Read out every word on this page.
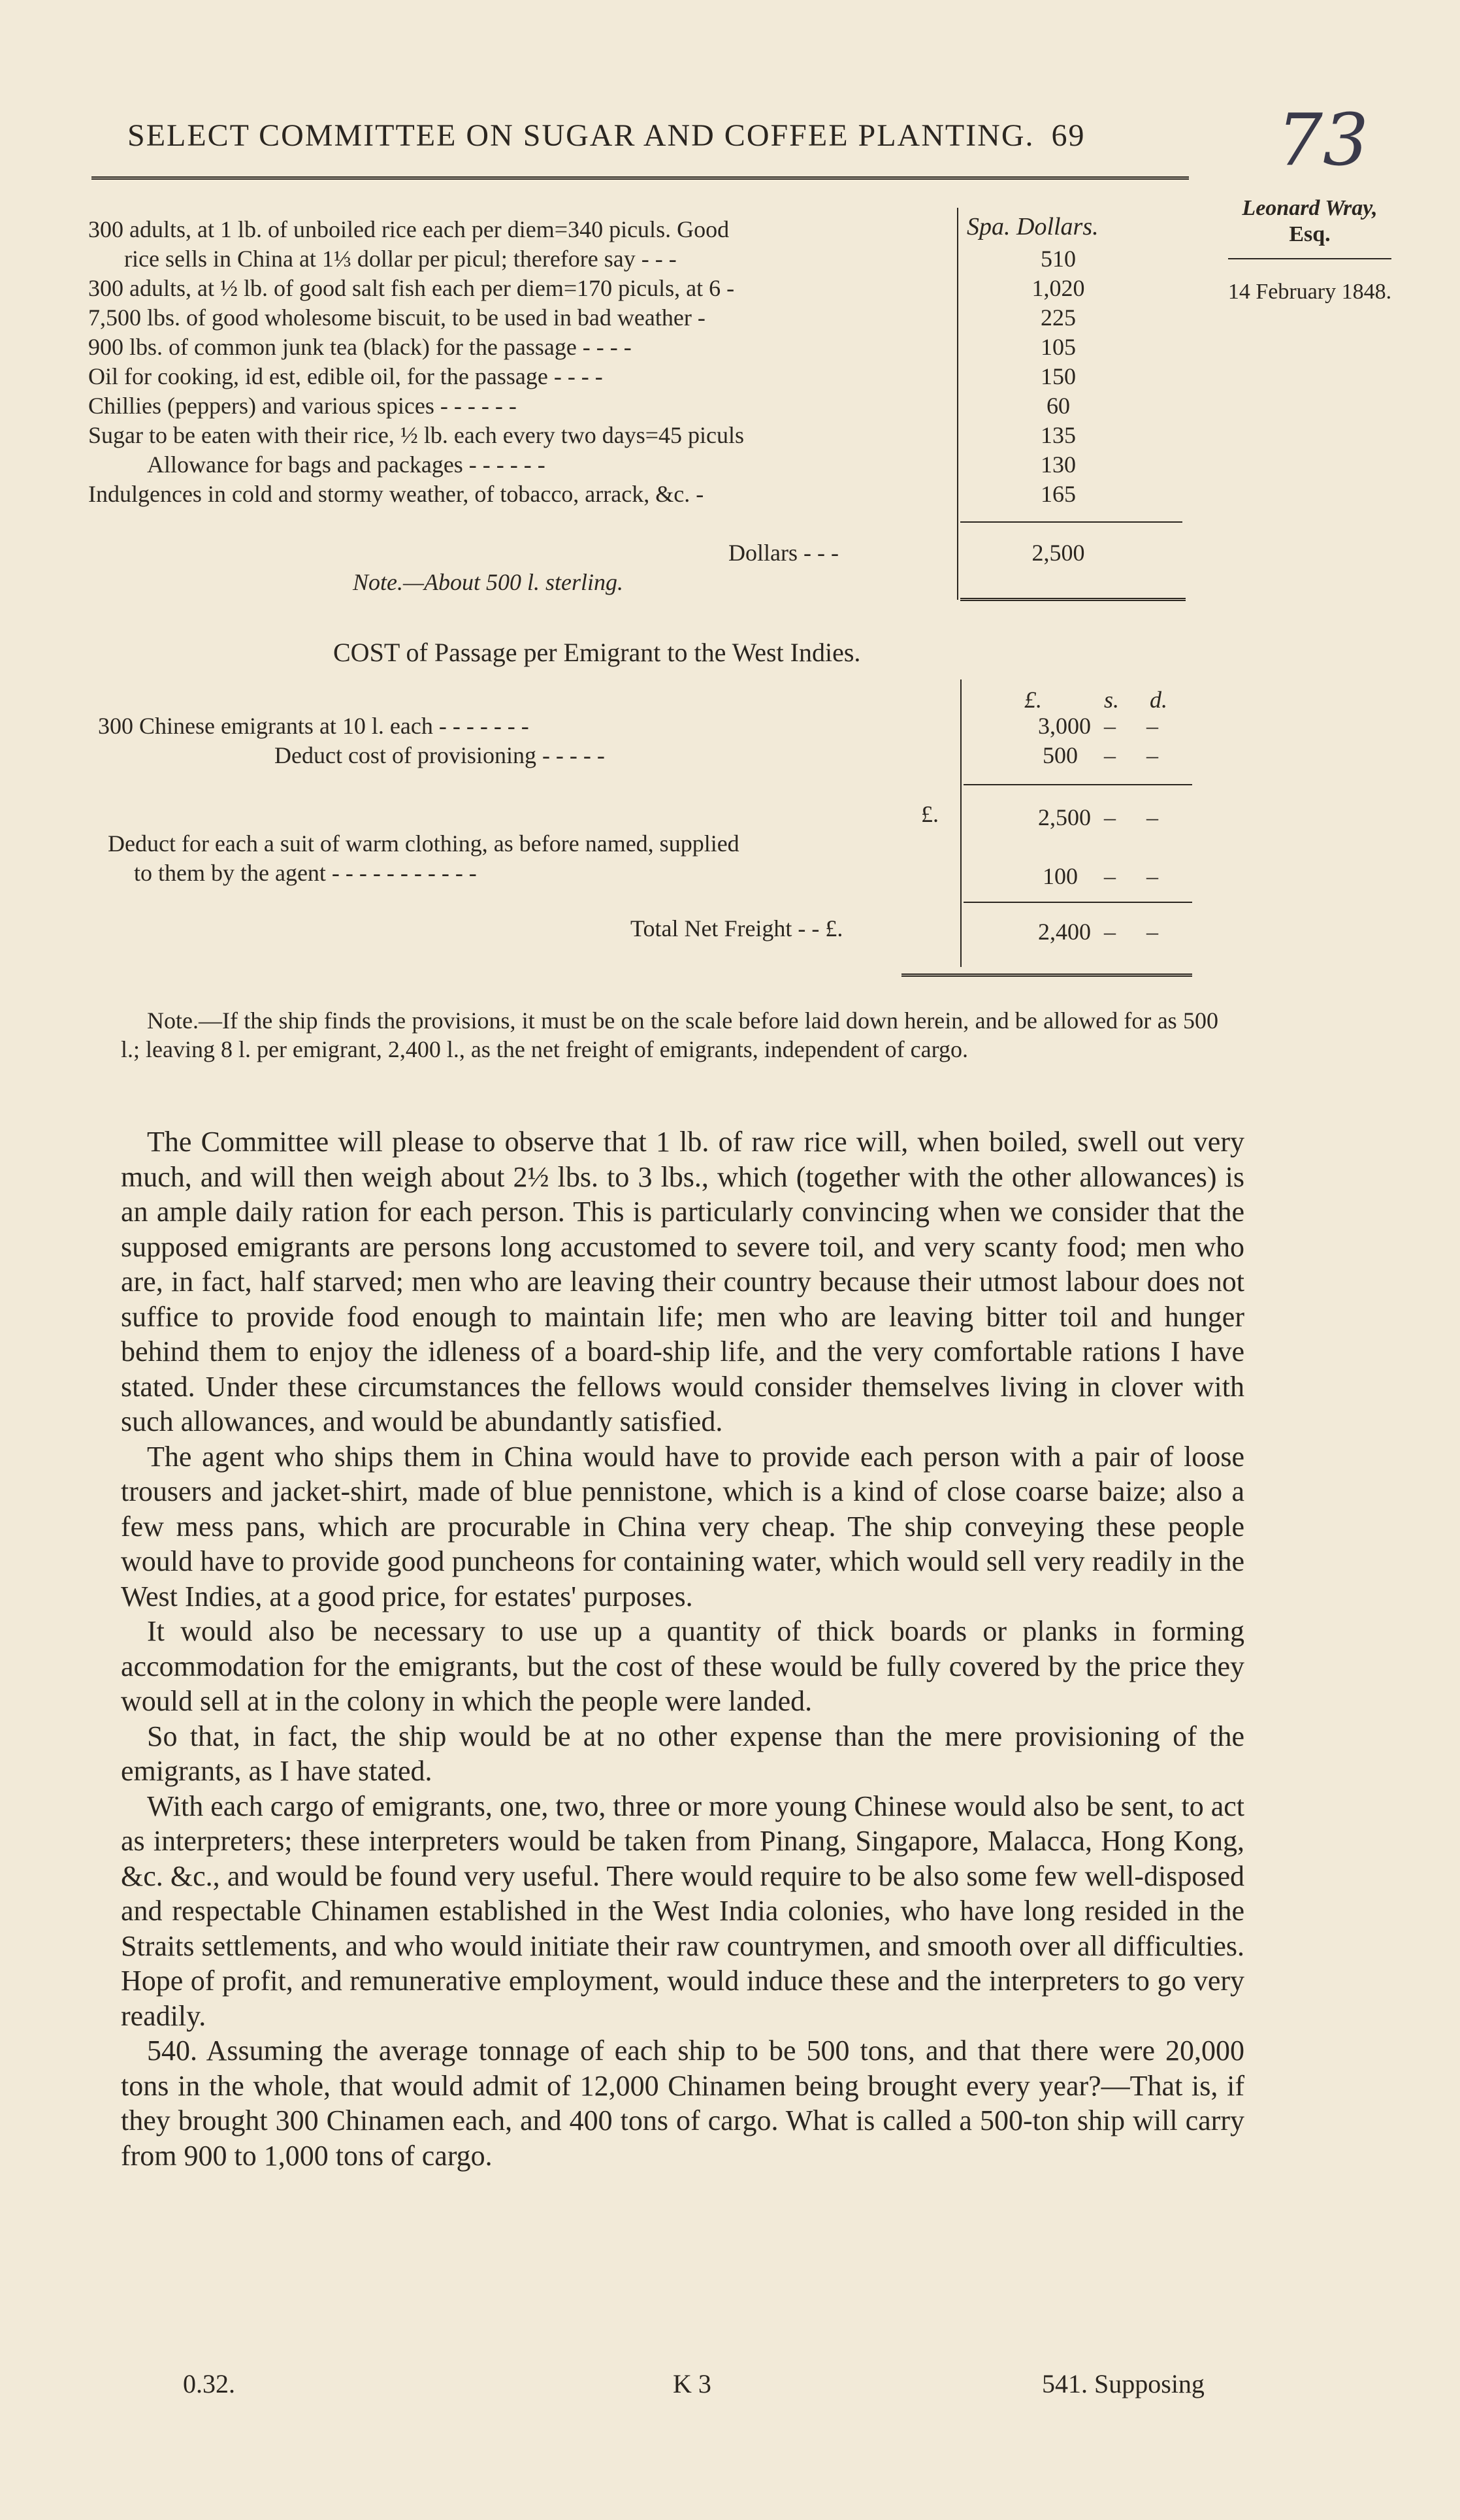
SELECT COMMITTEE ON SUGAR AND COFFEE PLANTING. 69	73
Leonard Wray,
Esq.
14 February 1848.
Spa. Dollars.
300 adults, at 1 lb. of unboiled rice each per diem=340 piculs. Good
rice sells in China at 1⅓ dollar per picul; therefore say - - -	510
300 adults, at ½ lb. of good salt fish each per diem=170 piculs, at 6 -	1,020
7,500 lbs. of good wholesome biscuit, to be used in bad weather -	225
900 lbs. of common junk tea (black) for the passage - - - -	105
Oil for cooking, id est, edible oil, for the passage - - - -	150
Chillies (peppers) and various spices - - - - - -	60
Sugar to be eaten with their rice, ½ lb. each every two days=45 piculs	135
Allowance for bags and packages - - - - - -	130
Indulgences in cold and stormy weather, of tobacco, arrack, &c. -	165
Dollars - - -	2,500
Note.—About 500 l. sterling.
COST of Passage per Emigrant to the West Indies.
£.	s. d.
300 Chinese emigrants at 10 l. each - - - - - - -	3,000 – –
Deduct cost of provisioning - - - - -	500 – –
£.	2,500 – –
Deduct for each a suit of warm clothing, as before named, supplied
to them by the agent - - - - - - - - - - -	100 – –
Total Net Freight - - £.	2,400 – –
Note.—If the ship finds the provisions, it must be on the scale before laid down herein, and be allowed for as 500 l.; leaving 8 l. per emigrant, 2,400 l., as the net freight of emigrants, independent of cargo.

The Committee will please to observe that 1 lb. of raw rice will, when boiled, swell out very much, and will then weigh about 2½ lbs. to 3 lbs., which (together with the other allowances) is an ample daily ration for each person. This is particularly convincing when we consider that the supposed emigrants are persons long accustomed to severe toil, and very scanty food; men who are, in fact, half starved; men who are leaving their country because their utmost labour does not suffice to provide food enough to maintain life; men who are leaving bitter toil and hunger behind them to enjoy the idleness of a board-ship life, and the very comfortable rations I have stated. Under these circumstances the fellows would consider themselves living in clover with such allowances, and would be abundantly satisfied.

The agent who ships them in China would have to provide each person with a pair of loose trousers and jacket-shirt, made of blue pennistone, which is a kind of close coarse baize; also a few mess pans, which are procurable in China very cheap. The ship conveying these people would have to provide good puncheons for containing water, which would sell very readily in the West Indies, at a good price, for estates' purposes.

It would also be necessary to use up a quantity of thick boards or planks in forming accommodation for the emigrants, but the cost of these would be fully covered by the price they would sell at in the colony in which the people were landed.

So that, in fact, the ship would be at no other expense than the mere provisioning of the emigrants, as I have stated.

With each cargo of emigrants, one, two, three or more young Chinese would also be sent, to act as interpreters; these interpreters would be taken from Pinang, Singapore, Malacca, Hong Kong, &c. &c., and would be found very useful. There would require to be also some few well-disposed and respectable Chinamen established in the West India colonies, who have long resided in the Straits settlements, and who would initiate their raw countrymen, and smooth over all difficulties. Hope of profit, and remunerative employment, would induce these and the interpreters to go very readily.

540. Assuming the average tonnage of each ship to be 500 tons, and that there were 20,000 tons in the whole, that would admit of 12,000 Chinamen being brought every year?—That is, if they brought 300 Chinamen each, and 400 tons of cargo. What is called a 500-ton ship will carry from 900 to 1,000 tons of cargo.

0.32.	K 3	541. Supposing
